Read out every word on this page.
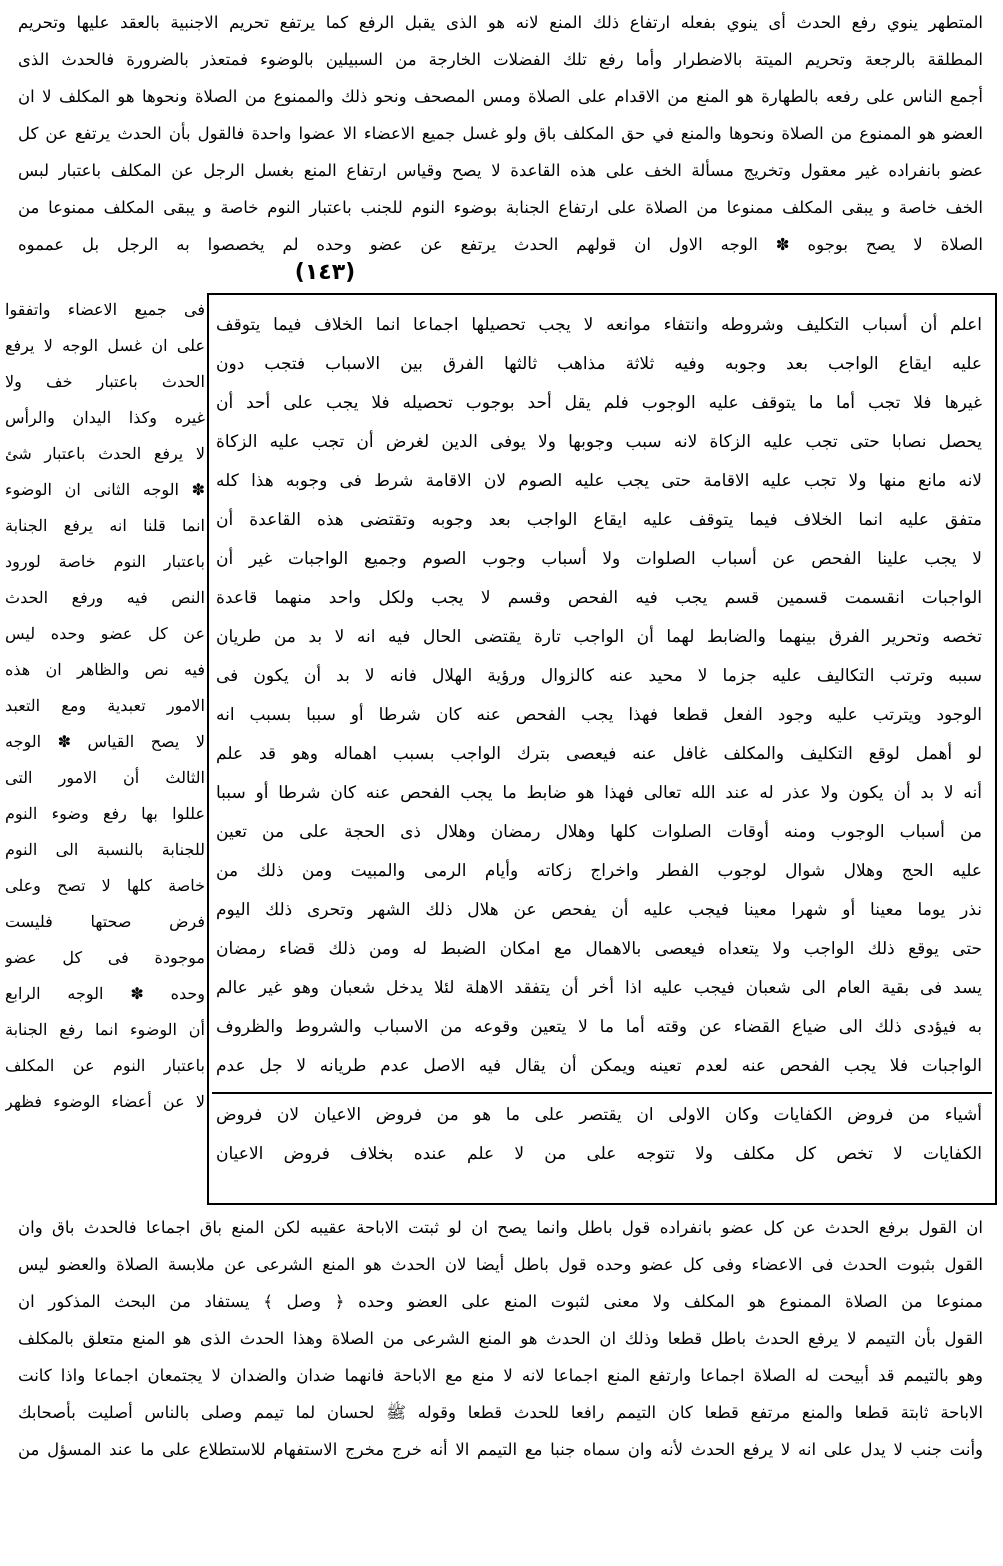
المتطهر ينوي رفع الحدث أى ينوي بفعله ارتفاع ذلك المنع لانه هو الذى يقبل الرفع كما يرتفع تحريم الاجنبية بالعقد عليها وتحريم
المطلقة بالرجعة وتحريم الميتة بالاضطرار وأما رفع تلك الفضلات الخارجة من السبيلين بالوضوء فمتعذر بالضرورة فالحدث الذى
أجمع الناس على رفعه بالطهارة هو المنع من الاقدام على الصلاة ومس المصحف ونحو ذلك والممنوع من الصلاة ونحوها هو المكلف لا ان
العضو هو الممنوع من الصلاة ونحوها والمنع في حق المكلف باق ولو غسل جميع الاعضاء الا عضوا واحدة فالقول بأن الحدث يرتفع عن كل
عضو بانفراده غير معقول وتخريج مسألة الخف على هذه القاعدة لا يصح وقياس ارتفاع المنع بغسل الرجل عن المكلف باعتبار لبس
الخف خاصة و يبقى المكلف ممنوعا من الصلاة على ارتفاع الجنابة بوضوء النوم للجنب باعتبار النوم خاصة و يبقى المكلف ممنوعا من
الصلاة لا يصح بوجوه ✽ الوجه الاول ان قولهم الحدث يرتفع عن عضو وحده لم يخصصوا به الرجل بل عمموه
(١٤٣)
فى جميع الاعضاء واتفقوا
على ان غسل الوجه لا يرفع
الحدث باعتبار خف ولا
غيره وكذا اليدان والرأس
لا يرفع الحدث باعتبار شئ
✽ الوجه الثانى ان الوضوء
انما قلنا انه يرفع الجنابة
باعتبار النوم خاصة لورود
النص فيه ورفع الحدث
عن كل عضو وحده ليس
فيه نص والظاهر ان هذه
الامور تعبدية ومع التعبد
لا يصح القياس ✽ الوجه
الثالث أن الامور التى
عللوا بها رفع وضوء النوم
للجنابة بالنسبة الى النوم
خاصة كلها لا تصح وعلى
فرض صحتها فليست
موجودة فى كل عضو
وحده ✽ الوجه الرابع
أن الوضوء انما رفع الجنابة
باعتبار النوم عن المكلف
لا عن أعضاء الوضوء فظهر
اعلم أن أسباب التكليف وشروطه وانتفاء موانعه لا يجب تحصيلها اجماعا انما الخلاف فيما يتوقف
عليه ايقاع الواجب بعد وجوبه وفيه ثلاثة مذاهب ثالثها الفرق بين الاسباب فتجب دون
غيرها فلا تجب أما ما يتوقف عليه الوجوب فلم يقل أحد بوجوب تحصيله فلا يجب على أحد أن
يحصل نصابا حتى تجب عليه الزكاة لانه سبب وجوبها ولا يوفى الدين لغرض أن تجب عليه الزكاة
لانه مانع منها ولا تجب عليه الاقامة حتى يجب عليه الصوم لان الاقامة شرط فى وجوبه هذا كله
متفق عليه انما الخلاف فيما يتوقف عليه ايقاع الواجب بعد وجوبه وتقتضى هذه القاعدة أن
لا يجب علينا الفحص عن أسباب الصلوات ولا أسباب وجوب الصوم وجميع الواجبات غير أن
الواجبات انقسمت قسمين قسم يجب فيه الفحص وقسم لا يجب ولكل واحد منهما قاعدة
تخصه وتحرير الفرق بينهما والضابط لهما أن الواجب تارة يقتضى الحال فيه انه لا بد من طريان
سببه وترتب التكاليف عليه جزما لا محيد عنه كالزوال ورؤية الهلال فانه لا بد أن يكون فى
الوجود ويترتب عليه وجود الفعل قطعا فهذا يجب الفحص عنه كان شرطا أو سببا بسبب انه
لو أهمل لوقع التكليف والمكلف غافل عنه فيعصى بترك الواجب بسبب اهماله وهو قد علم
أنه لا بد أن يكون ولا عذر له عند الله تعالى فهذا هو ضابط ما يجب الفحص عنه كان شرطا أو سببا
من أسباب الوجوب ومنه أوقات الصلوات كلها وهلال رمضان وهلال ذى الحجة على من تعين
عليه الحج وهلال شوال لوجوب الفطر واخراج زكاته وأيام الرمى والمبيت ومن ذلك من
نذر يوما معينا أو شهرا معينا فيجب عليه أن يفحص عن هلال ذلك الشهر وتحرى ذلك اليوم
حتى يوقع ذلك الواجب ولا يتعداه فيعصى بالاهمال مع امكان الضبط له ومن ذلك قضاء رمضان
يسد فى بقية العام الى شعبان فيجب عليه اذا أخر أن يتفقد الاهلة لئلا يدخل شعبان وهو غير عالم
به فيؤدى ذلك الى ضياع القضاء عن وقته أما ما لا يتعين وقوعه من الاسباب والشروط والظروف
الواجبات فلا يجب الفحص عنه لعدم تعينه ويمكن أن يقال فيه الاصل عدم طريانه لا جل عدم
أشياء من فروض الكفايات وكان الاولى ان يقتصر على ما هو من فروض الاعيان لان فروض
الكفايات لا تخص كل مكلف ولا تتوجه على من لا علم عنده بخلاف فروض الاعيان
ان القول برفع الحدث عن كل عضو بانفراده قول باطل وانما يصح ان لو ثبتت الاباحة عقيبه لكن المنع باق اجماعا فالحدث باق وان
القول بثبوت الحدث فى الاعضاء وفى كل عضو وحده قول باطل أيضا لان الحدث هو المنع الشرعى عن ملابسة الصلاة والعضو ليس
ممنوعا من الصلاة الممنوع هو المكلف ولا معنى لثبوت المنع على العضو وحده ﴿ وصل ﴾ يستفاد من البحث المذكور ان
القول بأن التيمم لا يرفع الحدث باطل قطعا وذلك ان الحدث هو المنع الشرعى من الصلاة وهذا الحدث الذى هو المنع متعلق بالمكلف
وهو بالتيمم قد أبيحت له الصلاة اجماعا وارتفع المنع اجماعا لانه لا منع مع الاباحة فانهما ضدان والضدان لا يجتمعان اجماعا واذا كانت
الاباحة ثابتة قطعا والمنع مرتفع قطعا كان التيمم رافعا للحدث قطعا وقوله ﷺ لحسان لما تيمم وصلى بالناس أصليت بأصحابك
وأنت جنب لا يدل على انه لا يرفع الحدث لأنه وان سماه جنبا مع التيمم الا أنه خرج مخرج الاستفهام للاستطلاع على ما عند المسؤل من
